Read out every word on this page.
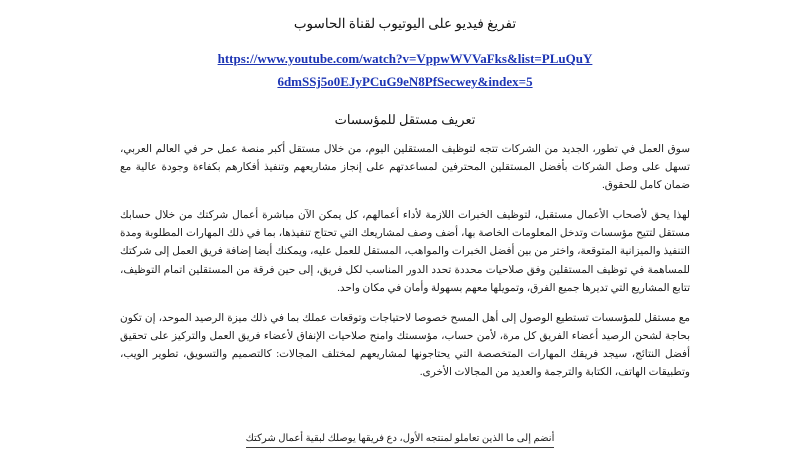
تفريغ فيديو على اليوتيوب لقناة الحاسوب
https://www.youtube.com/watch?v=VppwWVVaFks&list=PLuQuY
6dmSSj5o0EJyPCuG9eN8PfSecwey&index=5
تعريف مستقل للمؤسسات

سوق العمل في تطور، الجديد من الشركات تتجه لتوظيف المستقلين اليوم، من خلال مستقل أكبر منصة عمل حر في العالم العربي، تسهل على وصل الشركات بأفضل المستقلين المحترفين لمساعدتهم على إنجاز مشاريعهم وتنفيذ أفكارهم بكفاءة وجودة عالية مع ضمان كامل للحقوق.

لهذا يحق لأصحاب الأعمال مستقبل، لتوظيف الخبرات اللازمة لأداء أعمالهم، كل يمكن الآن مباشرة أعمال شركتك من خلال حسابك مستقل لتتيح مؤسسات وتدخل المعلومات الخاصة بها، أضف وصف لمشاريعك التي تحتاج تنفيذها، بما في ذلك المهارات المطلوبة ومدة التنفيذ والميزانية المتوقعة، واختر من بين أفضل الخبرات والمواهب، المستقل للعمل عليه، ويمكنك أيضا إضافة فريق العمل إلى شركتك للمساهمة في توظيف المستقلين وفق صلاحيات محددة تحدد الدور المناسب لكل فريق، إلى حين فرقة من المستقلين اتمام التوظيف، تتابع المشاريع التي تديرها جميع الفرق، وتمويلها معهم بسهولة وأمان في مكان واحد.

مع مستقل للمؤسسات تستطيع الوصول إلى أهل المسح خصوصا لاحتياجات وتوقعات عملك بما في ذلك ميزة الرصيد الموحد، إن تكون بحاجة لشحن الرصيد أعضاء الفريق كل مرة، لأمن حساب، مؤسستك وامنح صلاحيات الإنفاق لأعضاء فريق العمل والتركيز على تحقيق أفضل النتائج، سيجد فريقك المهارات المتخصصة التي يحتاجونها لمشاريعهم لمختلف المجالات: كالتصميم والتسويق، تطوير الويب، وتطبيقات الهاتف، الكتابة والترجمة والعديد من المجالات الأخرى.

أنضم إلى ما الذين تعاملو لمنتجه الأول، دع فريقها يوصلك لبقية أعمال شركتك
